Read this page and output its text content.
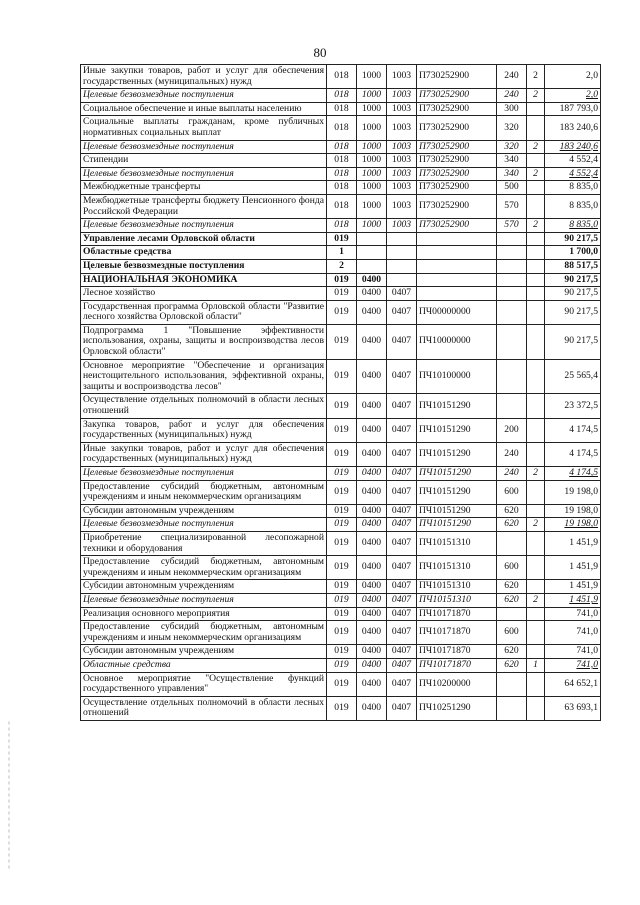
80
Иные закупки товаров, работ и услуг для обеспечения государственных (муниципальных) нужд	018	1000	1003	П730252900	240	2	2,0
Целевые безвозмездные поступления	018	1000	1003	П730252900	240	2	2,0
Социальное обеспечение и иные выплаты населению	018	1000	1003	П730252900	300		187 793,0
Социальные выплаты гражданам, кроме публичных нормативных социальных выплат	018	1000	1003	П730252900	320		183 240,6
Целевые безвозмездные поступления	018	1000	1003	П730252900	320	2	183 240,6
Стипендии	018	1000	1003	П730252900	340		4 552,4
Целевые безвозмездные поступления	018	1000	1003	П730252900	340	2	4 552,4
Межбюджетные трансферты	018	1000	1003	П730252900	500		8 835,0
Межбюджетные трансферты бюджету Пенсионного фонда Российской Федерации	018	1000	1003	П730252900	570		8 835,0
Целевые безвозмездные поступления	018	1000	1003	П730252900	570	2	8 835,0
Управление лесами Орловской области	019						90 217,5
Областные средства	1						1 700,0
Целевые безвозмездные поступления	2						88 517,5
НАЦИОНАЛЬНАЯ ЭКОНОМИКА	019	0400					90 217,5
Лесное хозяйство	019	0400	0407				90 217,5
Государственная программа Орловской области "Развитие лесного хозяйства Орловской области"	019	0400	0407	ПЧ00000000			90 217,5
Подпрограмма 1 "Повышение эффективности использования, охраны, защиты и воспроизводства лесов Орловской области"	019	0400	0407	ПЧ10000000			90 217,5
Основное мероприятие "Обеспечение и организация неистощительного использования, эффективной охраны, защиты и воспроизводства лесов"	019	0400	0407	ПЧ10100000			25 565,4
Осуществление отдельных полномочий в области лесных отношений	019	0400	0407	ПЧ10151290			23 372,5
Закупка товаров, работ и услуг для обеспечения государственных (муниципальных) нужд	019	0400	0407	ПЧ10151290	200		4 174,5
Иные закупки товаров, работ и услуг для обеспечения государственных (муниципальных) нужд	019	0400	0407	ПЧ10151290	240		4 174,5
Целевые безвозмездные поступления	019	0400	0407	ПЧ10151290	240	2	4 174,5
Предоставление субсидий бюджетным, автономным учреждениям и иным некоммерческим организациям	019	0400	0407	ПЧ10151290	600		19 198,0
Субсидии автономным учреждениям	019	0400	0407	ПЧ10151290	620		19 198,0
Целевые безвозмездные поступления	019	0400	0407	ПЧ10151290	620	2	19 198,0
Приобретение специализированной лесопожарной техники и оборудования	019	0400	0407	ПЧ10151310			1 451,9
Предоставление субсидий бюджетным, автономным учреждениям и иным некоммерческим организациям	019	0400	0407	ПЧ10151310	600		1 451,9
Субсидии автономным учреждениям	019	0400	0407	ПЧ10151310	620		1 451,9
Целевые безвозмездные поступления	019	0400	0407	ПЧ10151310	620	2	1 451,9
Реализация основного мероприятия	019	0400	0407	ПЧ10171870			741,0
Предоставление субсидий бюджетным, автономным учреждениям и иным некоммерческим организациям	019	0400	0407	ПЧ10171870	600		741,0
Субсидии автономным учреждениям	019	0400	0407	ПЧ10171870	620		741,0
Областные средства	019	0400	0407	ПЧ10171870	620	1	741,0
Основное мероприятие "Осуществление функций государственного управления"	019	0400	0407	ПЧ10200000			64 652,1
Осуществление отдельных полномочий в области лесных отношений	019	0400	0407	ПЧ10251290			63 693,1
